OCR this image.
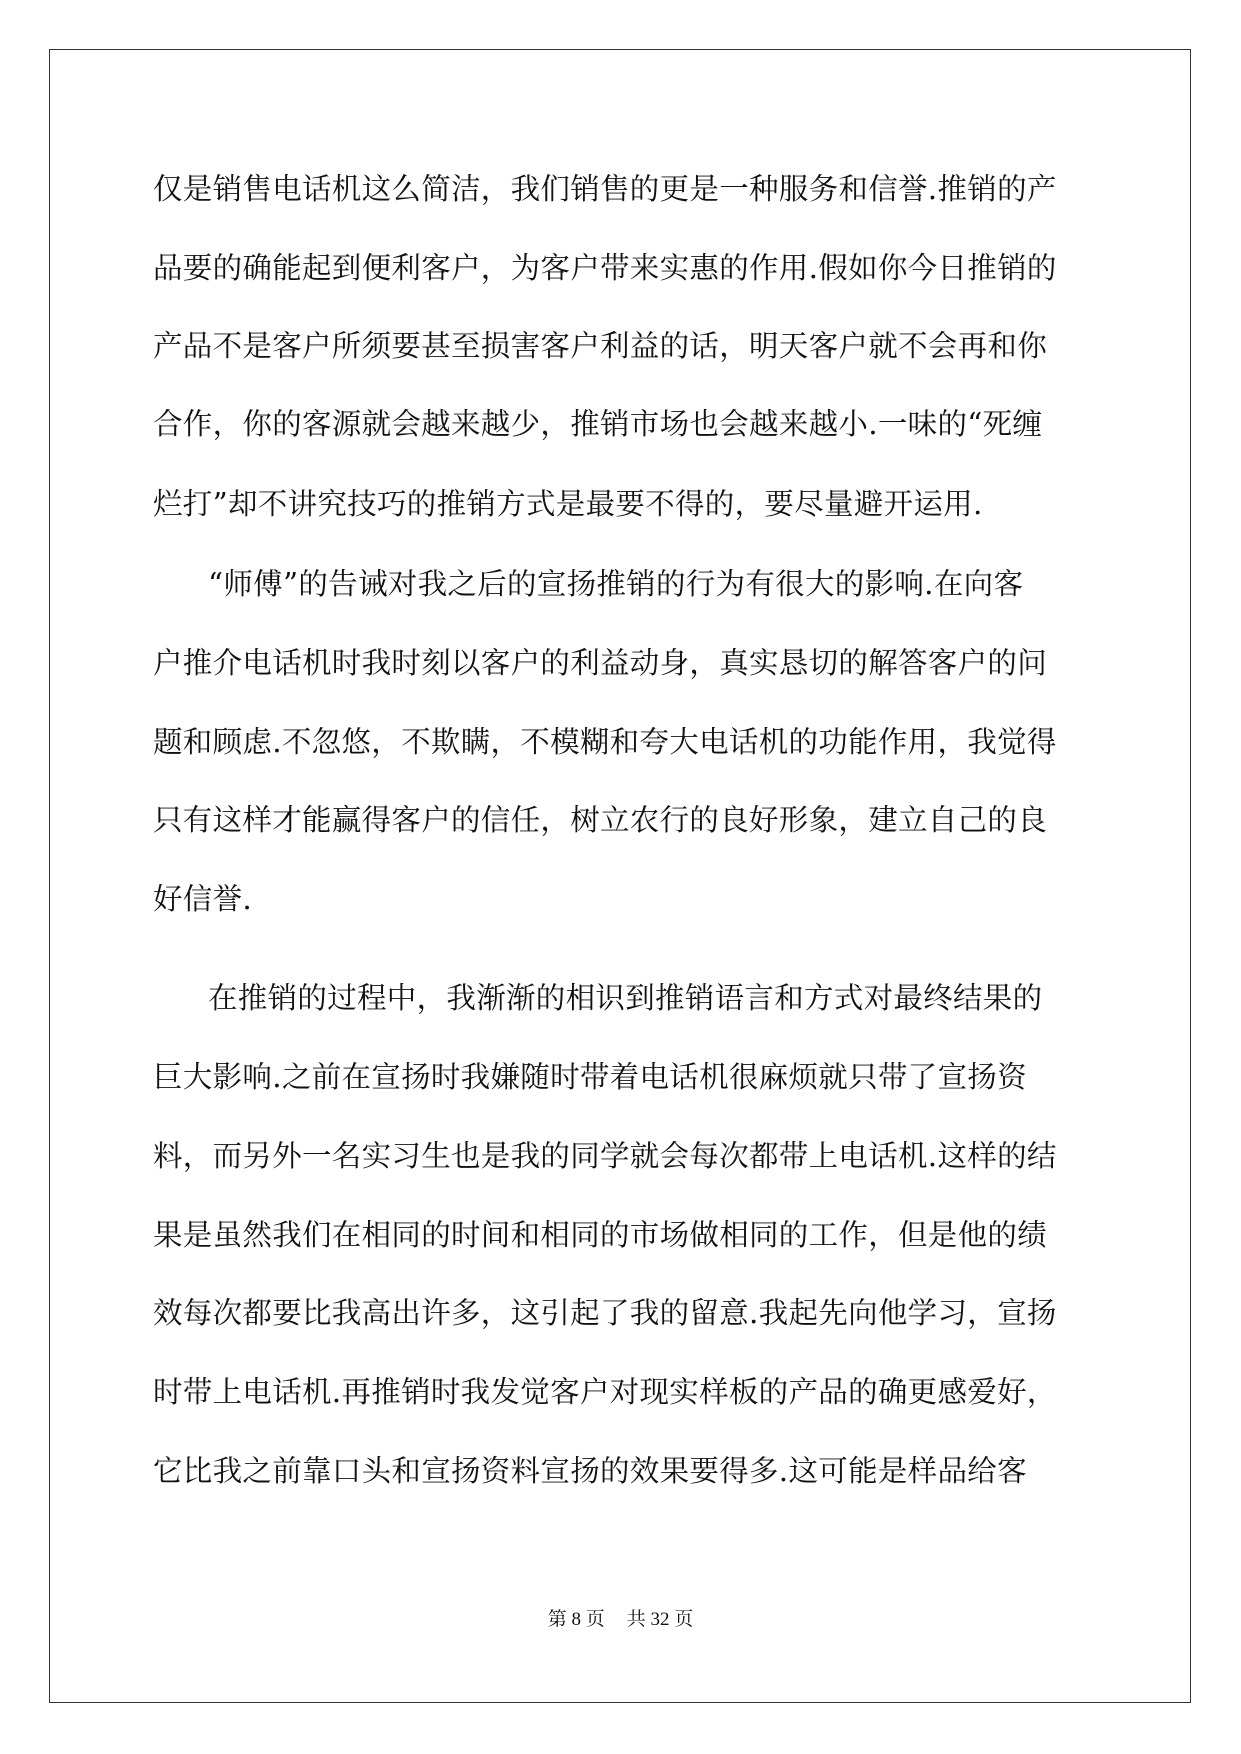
仅是销售电话机这么简洁，我们销售的更是一种服务和信誉.推销的产
品要的确能起到便利客户，为客户带来实惠的作用.假如你今日推销的
产品不是客户所须要甚至损害客户利益的话，明天客户就不会再和你
合作，你的客源就会越来越少，推销市场也会越来越小.一味的“死缠
烂打”却不讲究技巧的推销方式是最要不得的，要尽量避开运用.
“师傅”的告诫对我之后的宣扬推销的行为有很大的影响.在向客
户推介电话机时我时刻以客户的利益动身，真实恳切的解答客户的问
题和顾虑.不忽悠，不欺瞒，不模糊和夸大电话机的功能作用，我觉得
只有这样才能赢得客户的信任，树立农行的良好形象，建立自己的良
好信誉.
在推销的过程中，我渐渐的相识到推销语言和方式对最终结果的
巨大影响.之前在宣扬时我嫌随时带着电话机很麻烦就只带了宣扬资
料，而另外一名实习生也是我的同学就会每次都带上电话机.这样的结
果是虽然我们在相同的时间和相同的市场做相同的工作，但是他的绩
效每次都要比我高出许多，这引起了我的留意.我起先向他学习，宣扬
时带上电话机.再推销时我发觉客户对现实样板的产品的确更感爱好，
它比我之前靠口头和宣扬资料宣扬的效果要得多.这可能是样品给客
第 8 页 共 32 页
